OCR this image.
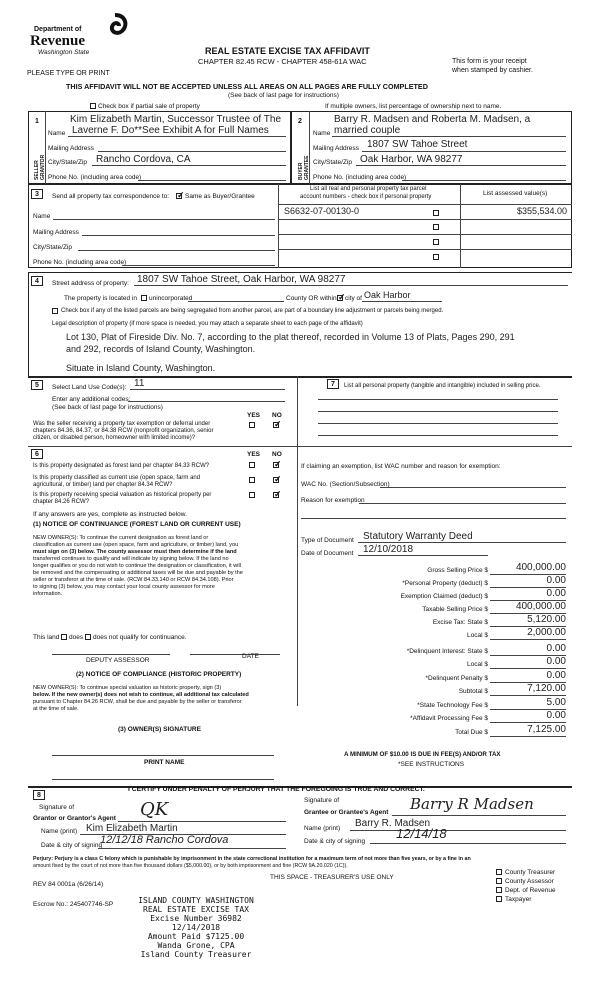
Department of
Revenue
Washington State
PLEASE TYPE OR PRINT
REAL ESTATE EXCISE TAX AFFIDAVIT
CHAPTER 82.45 RCW - CHAPTER 458-61A WAC	This form is your receipt
when stamped by cashier.
THIS AFFIDAVIT WILL NOT BE ACCEPTED UNLESS ALL AREAS ON ALL PAGES ARE FULLY COMPLETED
(See back of last page for instructions)
Check box if partial sale of property	If multiple owners, list percentage of ownership next to name.
1
SELLER GRANTOR
Kim Elizabeth Martin, Successor Trustee of The
Name Laverne F. Do**See Exhibit A for Full Names
Mailing Address
City/State/Zip Rancho Cordova, CA
Phone No. (including area code)
2
BUYER GRANTEE
Barry R. Madsen and Roberta M. Madsen, a
Name married couple
Mailing Address 1807 SW Tahoe Street
City/State/Zip Oak Harbor, WA 98277
Phone No. (including area code)
3	Send all property tax correspondence to: ✓ Same as Buyer/Grantee
List all real and personal property tax parcel
account numbers - check box if personal property	List assessed value(s)
S6632-07-00130-0	$355,534.00
Name
Mailing Address
City/State/Zip
Phone No. (including area code)
4	Street address of property: 1807 SW Tahoe Street, Oak Harbor, WA 98277
The property is located in unincorporated	County OR within ✓ city of Oak Harbor
Check box if any of the listed parcels are being segregated from another parcel, are part of a boundary line adjustment or parcels being merged.
Legal description of property (if more space is needed, you may attach a separate sheet to each page of the affidavit)
Lot 130, Plat of Fireside Div. No. 7, according to the plat thereof, recorded in Volume 13 of Plats, Pages 290, 291
and 292, records of Island County, Washington.
Situate in Island County, Washington.
5	Select Land Use Code(s): 11
Enter any additional codes:
(See back of last page for instructions)
YES NO
Was the seller receiving a property tax exemption or deferral under
chapters 84.36, 84.37, or 84.38 RCW (nonprofit organization, senior
citizen, or disabled person, homeowner with limited income)?
✓
7	List all personal property (tangible and intangible) included in selling price.
6	YES NO
Is this property designated as forest land per chapter 84.33 RCW?
✓
Is this property classified as current use (open space, farm and
agricultural, or timber) land per chapter 84.34 RCW?
✓
Is this property receiving special valuation as historical property per
chapter 84.26 RCW?
✓
If any answers are yes, complete as instructed below.
(1) NOTICE OF CONTINUANCE (FOREST LAND OR CURRENT USE)
NEW OWNER(S): To continue the current designation as forest land or
classification as current use (open space, farm and agriculture, or timber) land, you
must sign on (3) below. The county assessor must then determine if the land
transferred continues to qualify and will indicate by signing below. If the land no
longer qualifies or you do not wish to continue the designation or classification, it will
be removed and the compensating or additional taxes will be due and payable by the
seller or transferor at the time of sale. (RCW 84.33.140 or RCW 84.34.108). Prior
to signing (3) below, you may contact your local county assessor for more
information.
This land does does not qualify for continuance.
DEPUTY ASSESSOR
DATE
(2) NOTICE OF COMPLIANCE (HISTORIC PROPERTY)
NEW OWNER(S): To continue special valuation as historic property, sign (3)
below. If the new owner(s) does not wish to continue, all additional tax calculated
pursuant to Chapter 84.26 RCW, shall be due and payable by the seller or transferor
at the time of sale.
(3) OWNER(S) SIGNATURE
PRINT NAME
If claiming an exemption, list WAC number and reason for exemption:
WAC No. (Section/Subsection)
Reason for exemption
Type of Document Statutory Warranty Deed
Date of Document 12/10/2018
Gross Selling Price $	400,000.00
*Personal Property (deduct) $	0.00
Exemption Claimed (deduct) $	0.00
Taxable Selling Price $	400,000.00
Excise Tax: State $	5,120.00
Local $	2,000.00
*Delinquent Interest: State $	0.00
Local $	0.00
*Delinquent Penalty $	0.00
Subtotal $	7,120.00
*State Technology Fee $	5.00
*Affidavit Processing Fee $	0.00
Total Due $	7,125.00
A MINIMUM OF $10.00 IS DUE IN FEE(S) AND/OR TAX
*SEE INSTRUCTIONS
8
I CERTIFY UNDER PENALTY OF PERJURY THAT THE FOREGOING IS TRUE AND CORRECT.
Signature of
Grantor or Grantor's Agent QK
Name (print) Kim Elizabeth Martin
Date & city of signing
12/12/18 Rancho Cordova
Signature of
Grantee or Grantee's Agent Barry R Madsen
Name (print) Barry R. Madsen
Date & city of signing
12/14/18
Perjury: Perjury is a class C felony which is punishable by imprisonment in the state correctional institution for a maximum term of not more than five years, or by a fine in an
amount fixed by the court of not more than five thousand dollars ($5,000.00), or by both imprisonment and fine (RCW 9A.20.020 (1C)).
REV 84 0001a (6/26/14)
THIS SPACE - TREASURER'S USE ONLY
Escrow No.: 245407746-SP
County Treasurer
County Assessor
Dept. of Revenue
Taxpayer
ISLAND COUNTY WASHINGTON
REAL ESTATE EXCISE TAX
Excise Number 36982
12/14/2018
Amount Paid $7125.00
Wanda Grone, CPA
Island County Treasurer
